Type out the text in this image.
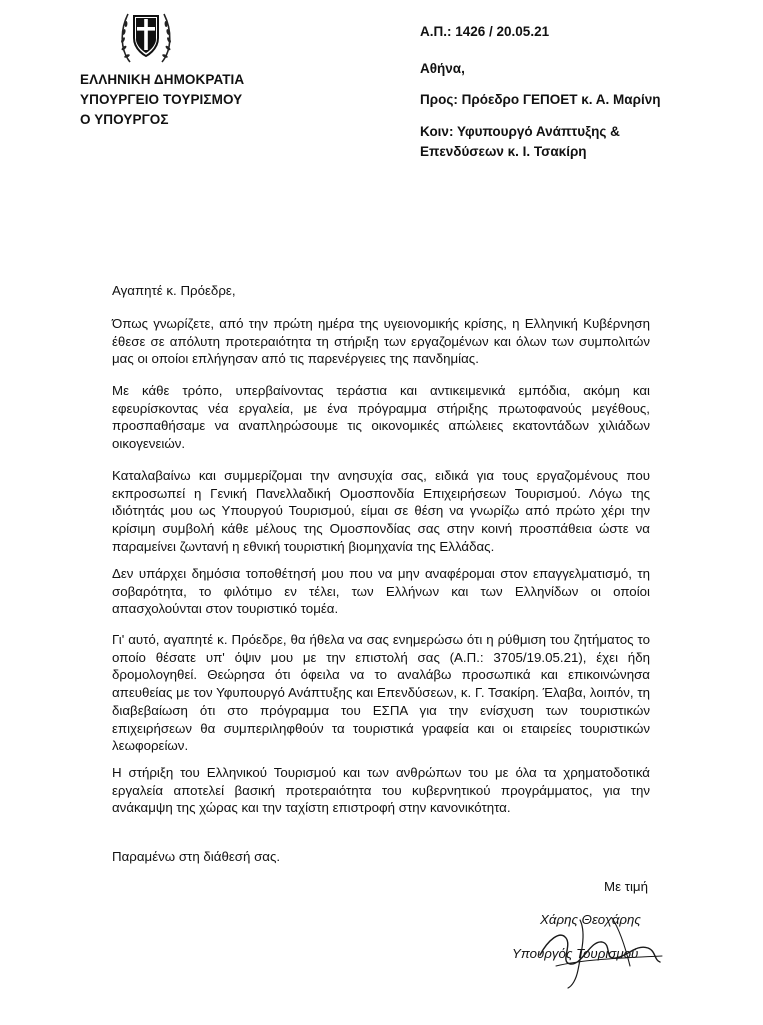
ΕΛΛΗΝΙΚΗ ΔΗΜΟΚΡΑΤΙΑ
ΥΠΟΥΡΓΕΙΟ ΤΟΥΡΙΣΜΟΥ
Ο ΥΠΟΥΡΓΟΣ
Α.Π.: 1426 / 20.05.21
Αθήνα,
Προς: Πρόεδρο ΓΕΠΟΕΤ κ. Α. Μαρίνη
Κοιν: Υφυπουργό Ανάπτυξης &
Επενδύσεων κ. Ι. Τσακίρη
Αγαπητέ κ. Πρόεδρε,
Όπως γνωρίζετε, από την πρώτη ημέρα της υγειονομικής κρίσης, η Ελληνική Κυβέρνηση έθεσε σε απόλυτη προτεραιότητα τη στήριξη των εργαζομένων και όλων των συμπολιτών μας οι οποίοι επλήγησαν από τις παρενέργειες της πανδημίας.
Με κάθε τρόπο, υπερβαίνοντας τεράστια και αντικειμενικά εμπόδια, ακόμη και εφευρίσκοντας νέα εργαλεία, με ένα πρόγραμμα στήριξης πρωτοφανούς μεγέθους, προσπαθήσαμε να αναπληρώσουμε τις οικονομικές απώλειες εκατοντάδων χιλιάδων οικογενειών.
Καταλαβαίνω και συμμερίζομαι την ανησυχία σας, ειδικά για τους εργαζομένους που εκπροσωπεί η Γενική Πανελλαδική Ομοσπονδία Επιχειρήσεων Τουρισμού. Λόγω της ιδιότητάς μου ως Υπουργού Τουρισμού, είμαι σε θέση να γνωρίζω από πρώτο χέρι την κρίσιμη συμβολή κάθε μέλους της Ομοσπονδίας σας στην κοινή προσπάθεια ώστε να παραμείνει ζωντανή η εθνική τουριστική βιομηχανία της Ελλάδας.
Δεν υπάρχει δημόσια τοποθέτησή μου που να μην αναφέρομαι στον επαγγελματισμό, τη σοβαρότητα, το φιλότιμο εν τέλει, των Ελλήνων και των Ελληνίδων οι οποίοι απασχολούνται στον τουριστικό τομέα.
Γι' αυτό, αγαπητέ κ. Πρόεδρε, θα ήθελα να σας ενημερώσω ότι η ρύθμιση του ζητήματος το οποίο θέσατε υπ' όψιν μου με την επιστολή σας (Α.Π.: 3705/19.05.21), έχει ήδη δρομολογηθεί. Θεώρησα ότι όφειλα να το αναλάβω προσωπικά και επικοινώνησα απευθείας με τον Υφυπουργό Ανάπτυξης και Επενδύσεων, κ. Γ. Τσακίρη. Έλαβα, λοιπόν, τη διαβεβαίωση ότι στο πρόγραμμα του ΕΣΠΑ για την ενίσχυση των τουριστικών επιχειρήσεων θα συμπεριληφθούν τα τουριστικά γραφεία και οι εταιρείες τουριστικών λεωφορείων.
Η στήριξη του Ελληνικού Τουρισμού και των ανθρώπων του με όλα τα χρηματοδοτικά εργαλεία αποτελεί βασική προτεραιότητα του κυβερνητικού προγράμματος, για την ανάκαμψη της χώρας και την ταχίστη επιστροφή στην κανονικότητα.
Παραμένω στη διάθεσή σας.
Με τιμή
Χάρης Θεοχάρης
Υπουργός Τουρισμού
